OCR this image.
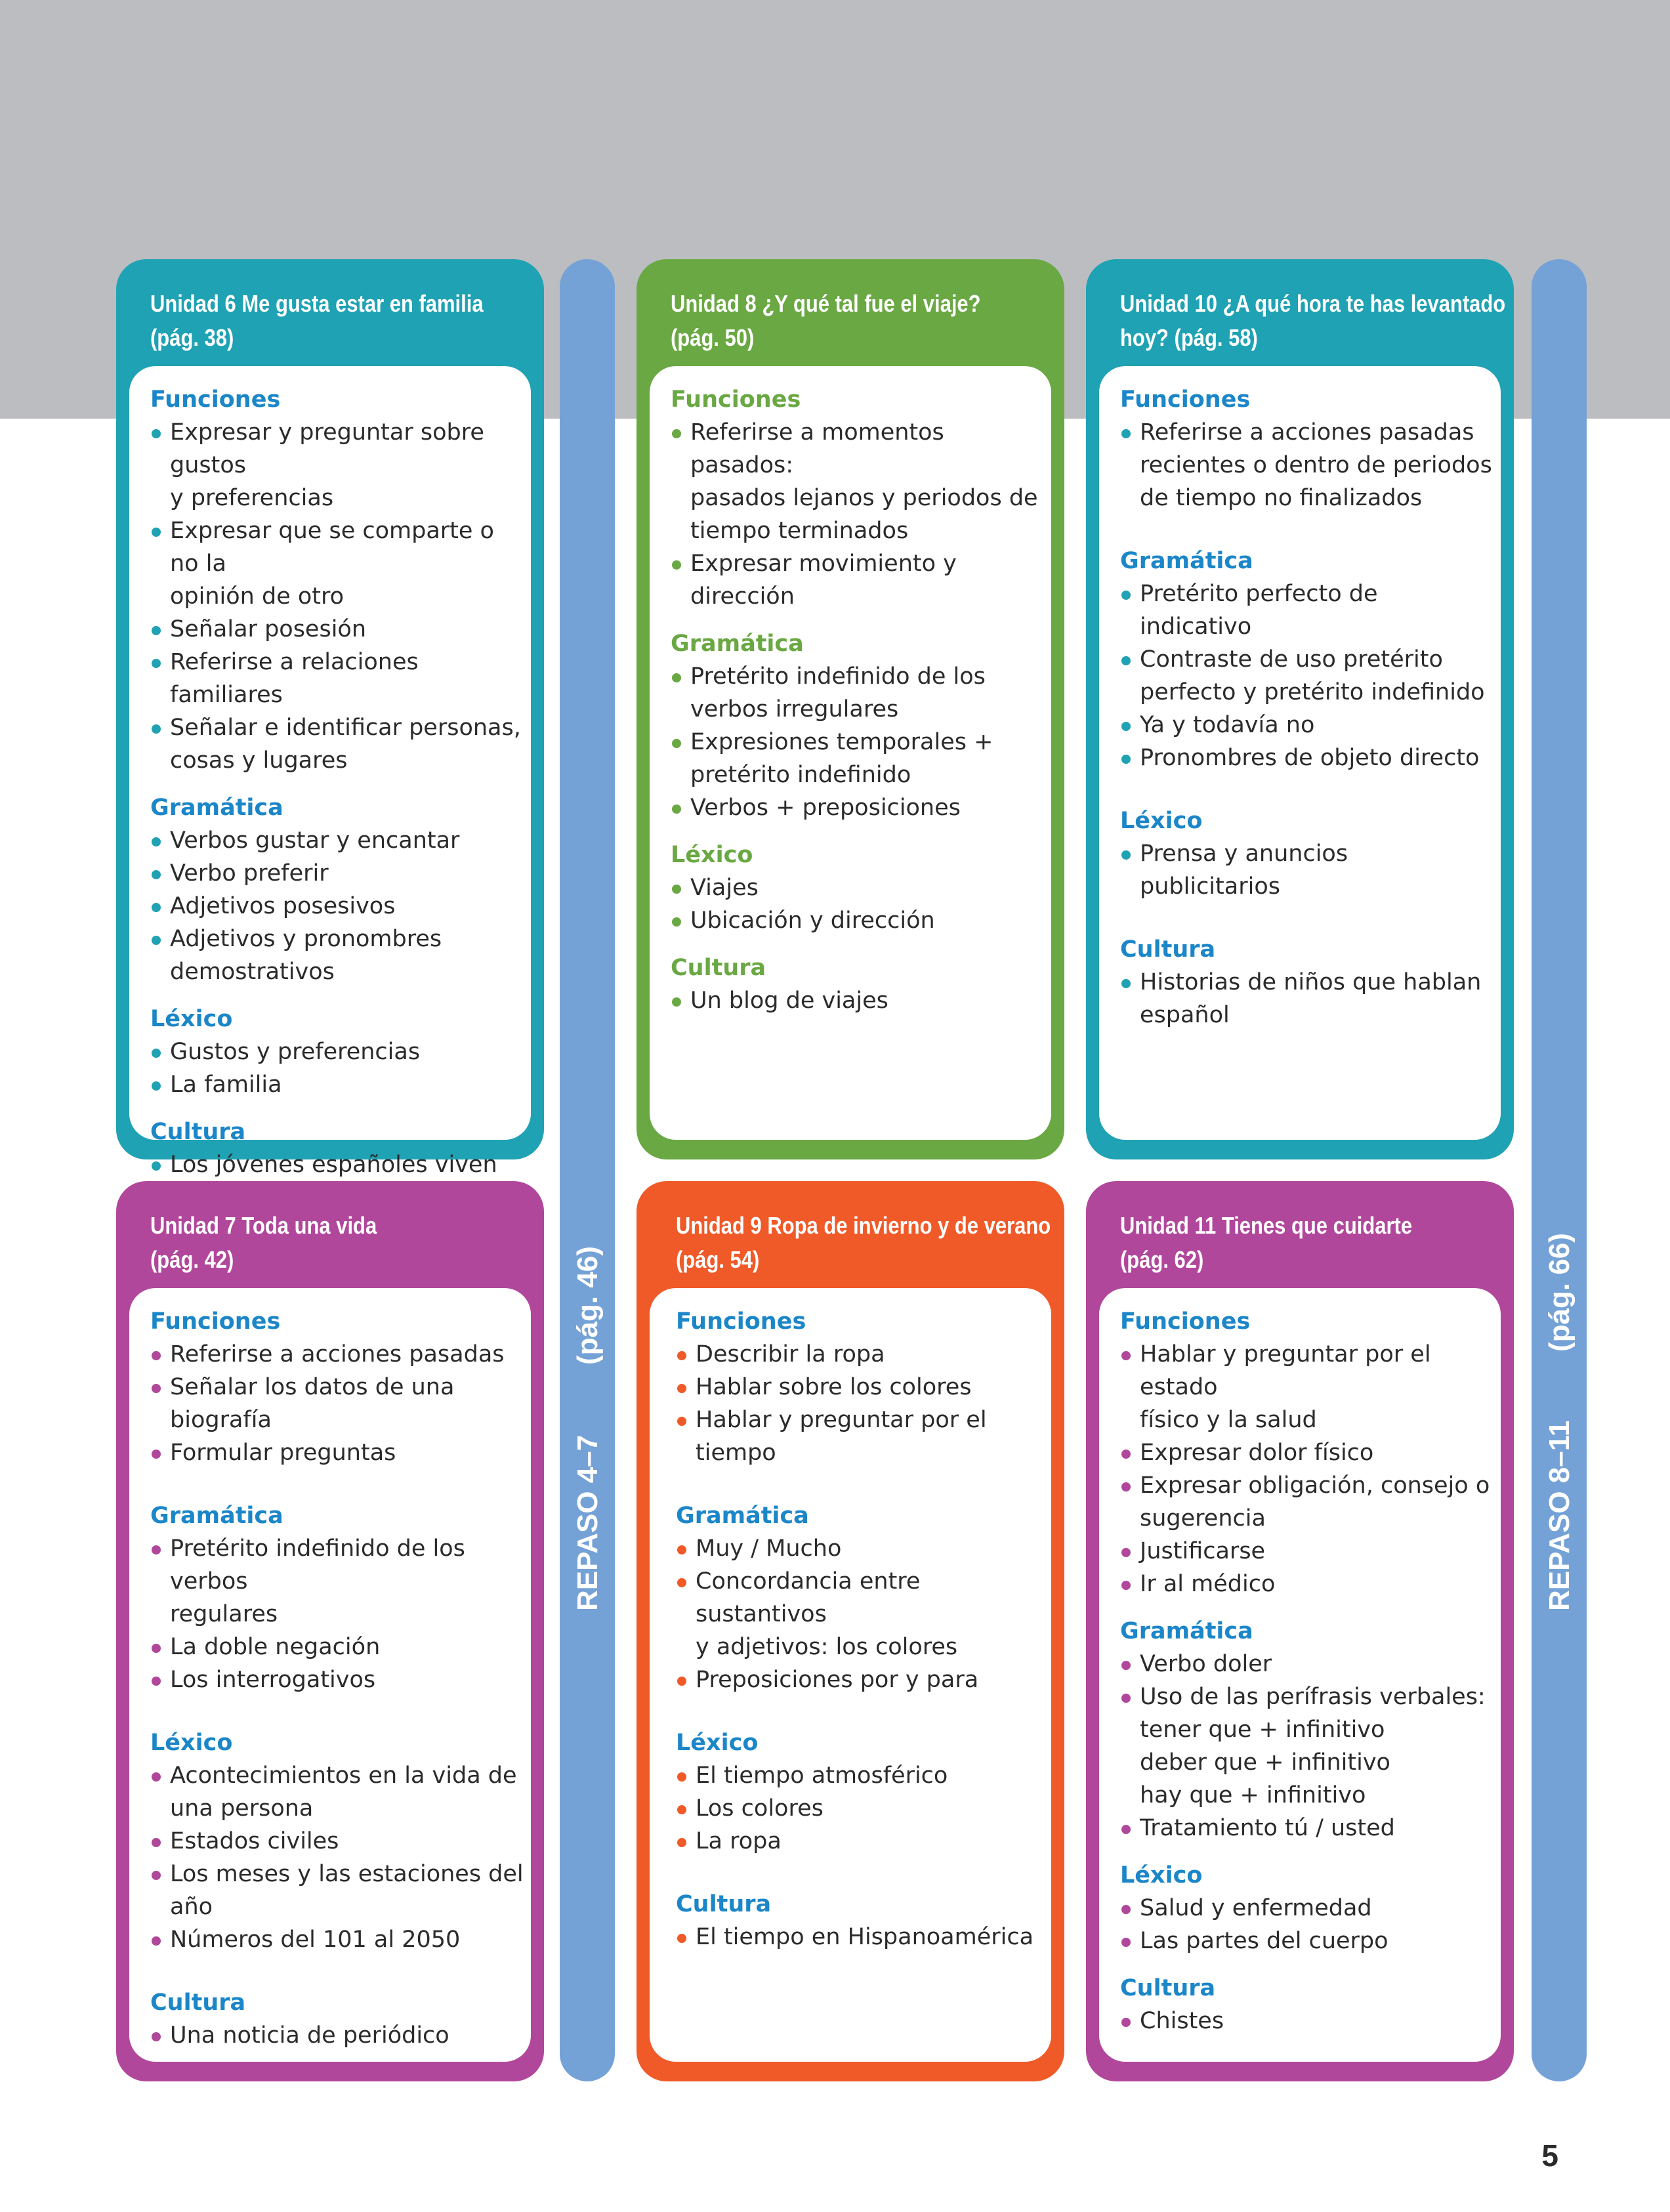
Unidad 6 Me gusta estar en familia
(pág. 38)
Funciones
Expresar y preguntar sobre gustos
y preferencias
Expresar que se comparte o no la
opinión de otro
Señalar posesión
Referirse a relaciones familiares
Señalar e identificar personas,
cosas y lugares
Gramática
Verbos gustar y encantar
Verbo preferir
Adjetivos posesivos
Adjetivos y pronombres
demostrativos
Léxico
Gustos y preferencias
La familia
Cultura
Los jóvenes españoles viven

Unidad 7 Toda una vida
(pág. 42)
Funciones
Referirse a acciones pasadas
Señalar los datos de una biografía
Formular preguntas
Gramática
Pretérito indefinido de los verbos
regulares
La doble negación
Los interrogativos
Léxico
Acontecimientos en la vida de
una persona
Estados civiles
Los meses y las estaciones del
año
Números del 101 al 2050
Cultura
Una noticia de periódico
REPASO 4–7
(pág. 46)
Unidad 8 ¿Y qué tal fue el viaje?
(pág. 50)
Funciones
Referirse a momentos pasados:
pasados lejanos y periodos de
tiempo terminados
Expresar movimiento y dirección
Gramática
Pretérito indefinido de los
verbos irregulares
Expresiones temporales +
pretérito indefinido
Verbos + preposiciones
Léxico
Viajes
Ubicación y dirección
Cultura
Un blog de viajes
Unidad 9 Ropa de invierno y de verano
(pág. 54)
Funciones
Describir la ropa
Hablar sobre los colores
Hablar y preguntar por el
tiempo
Gramática
Muy / Mucho
Concordancia entre sustantivos
y adjetivos: los colores
Preposiciones por y para
Léxico
El tiempo atmosférico
Los colores
La ropa
Cultura
El tiempo en Hispanoamérica
Unidad 10 ¿A qué hora te has levantado
hoy? (pág. 58)
Funciones
Referirse a acciones pasadas
recientes o dentro de periodos
de tiempo no finalizados
Gramática
Pretérito perfecto de indicativo
Contraste de uso pretérito
perfecto y pretérito indefinido
Ya y todavía no
Pronombres de objeto directo
Léxico
Prensa y anuncios publicitarios
Cultura
Historias de niños que hablan
español
Unidad 11 Tienes que cuidarte
(pág. 62)
Funciones
Hablar y preguntar por el estado
físico y la salud
Expresar dolor físico
Expresar obligación, consejo o
sugerencia
Justificarse
Ir al médico
Gramática
Verbo doler
Uso de las perífrasis verbales:
tener que + infinitivo
deber que + infinitivo
hay que + infinitivo
Tratamiento tú / usted
Léxico
Salud y enfermedad
Las partes del cuerpo
Cultura
Chistes
REPASO 8–11
(pág. 66)
5
